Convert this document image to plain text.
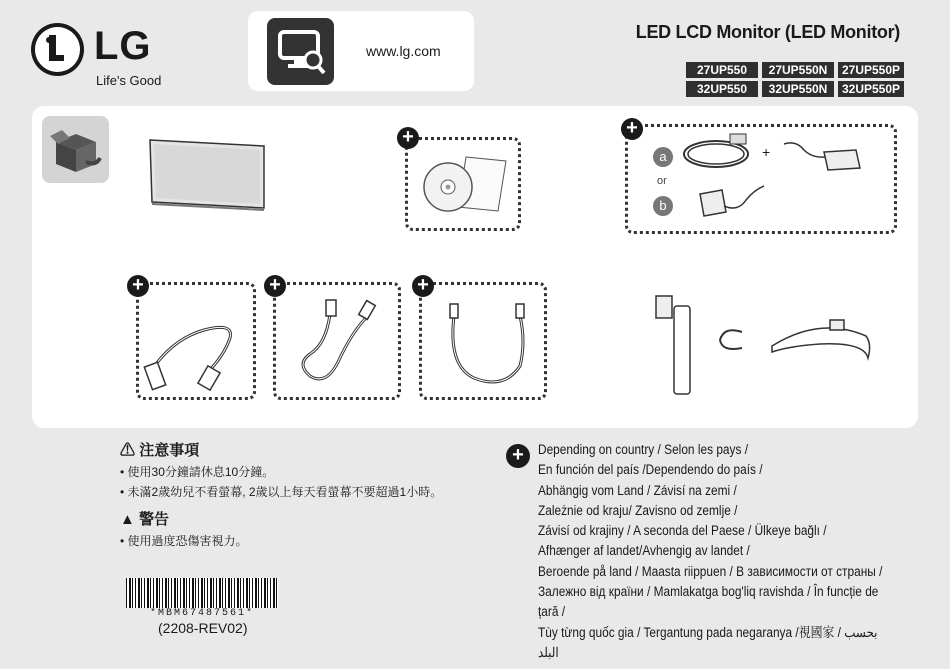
LG
Life's Good
www.lg.com
LED LCD Monitor (LED Monitor)
27UP550	27UP550N	27UP550P
32UP550	32UP550N	32UP550P
+	+
a
or
b
+
+	+	+
⚠ 注意事項
• 使用30分鐘請休息10分鐘。
• 未滿2歲幼兒不看螢幕, 2歲以上每天看螢幕不要超過1小時。
▲ 警告
• 使用過度恐傷害視力。
+	Depending on country / Selon les pays /
En función del país /Dependendo do país /
Abhängig vom Land / Závisí na zemi /
Zależnie od kraju/ Zavisno od zemlje /
Závisí od krajiny / A seconda del Paese / Ülkeye bağlı /
Afhænger af landet/Avhengig av landet /
Beroende på land / Maasta riippuen / В зависимости от страны /
Залежно від країни / Mamlakatga bog'liq ravishda / În funcție de țară /
Tùy từng quốc gia / Tergantung pada negaranya /視國家 / بحسب البلد
*MBM67487561*
(2208-REV02)
